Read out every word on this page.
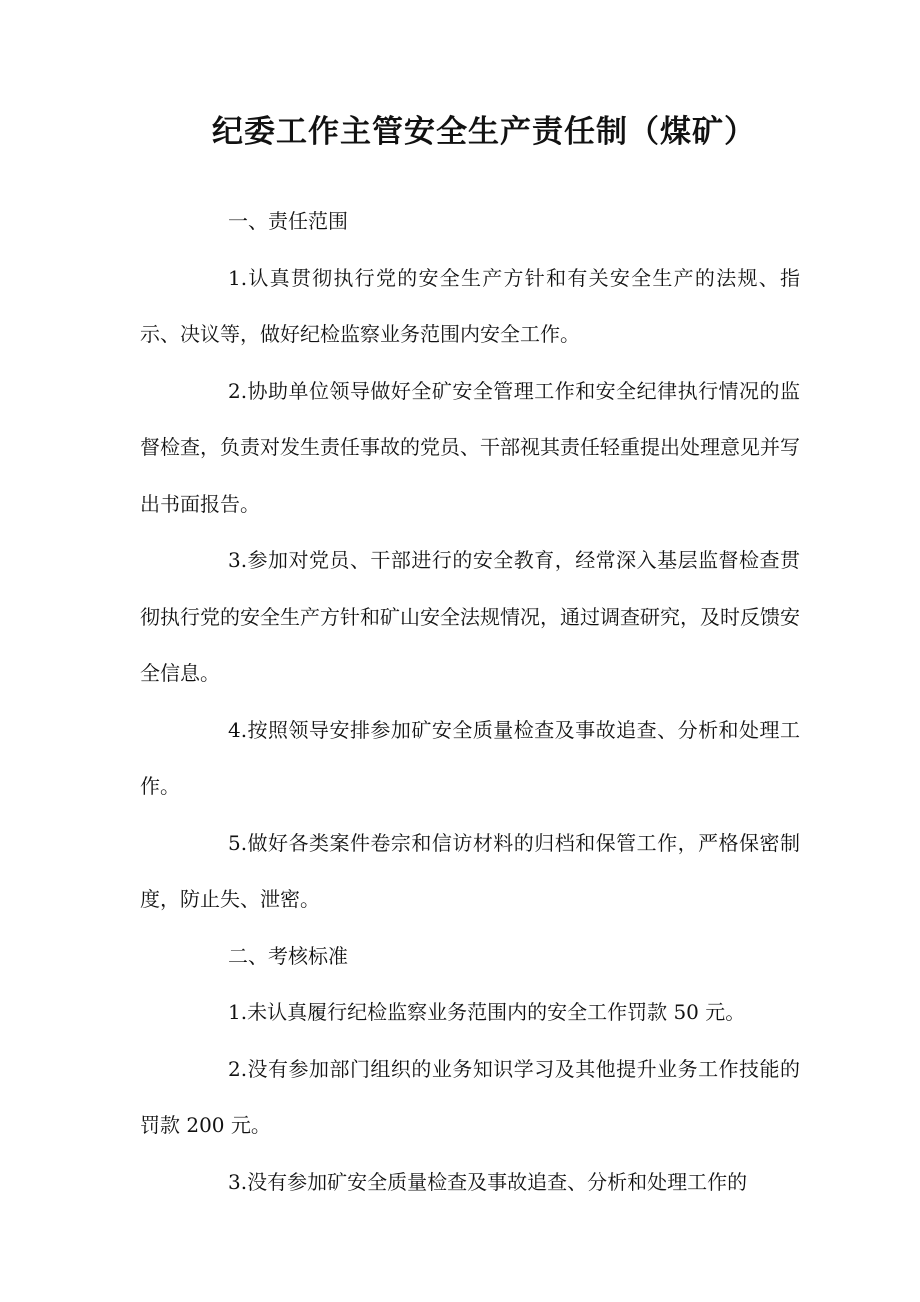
纪委工作主管安全生产责任制（煤矿）

一、责任范围

1.认真贯彻执行党的安全生产方针和有关安全生产的法规、指示、决议等，做好纪检监察业务范围内安全工作。

2.协助单位领导做好全矿安全管理工作和安全纪律执行情况的监督检查，负责对发生责任事故的党员、干部视其责任轻重提出处理意见并写出书面报告。

3.参加对党员、干部进行的安全教育，经常深入基层监督检查贯彻执行党的安全生产方针和矿山安全法规情况，通过调查研究，及时反馈安全信息。

4.按照领导安排参加矿安全质量检查及事故追查、分析和处理工作。

5.做好各类案件卷宗和信访材料的归档和保管工作，严格保密制度，防止失、泄密。

二、考核标准

1.未认真履行纪检监察业务范围内的安全工作罚款 50 元。

2.没有参加部门组织的业务知识学习及其他提升业务工作技能的罚款 200 元。

3.没有参加矿安全质量检查及事故追查、分析和处理工作的
